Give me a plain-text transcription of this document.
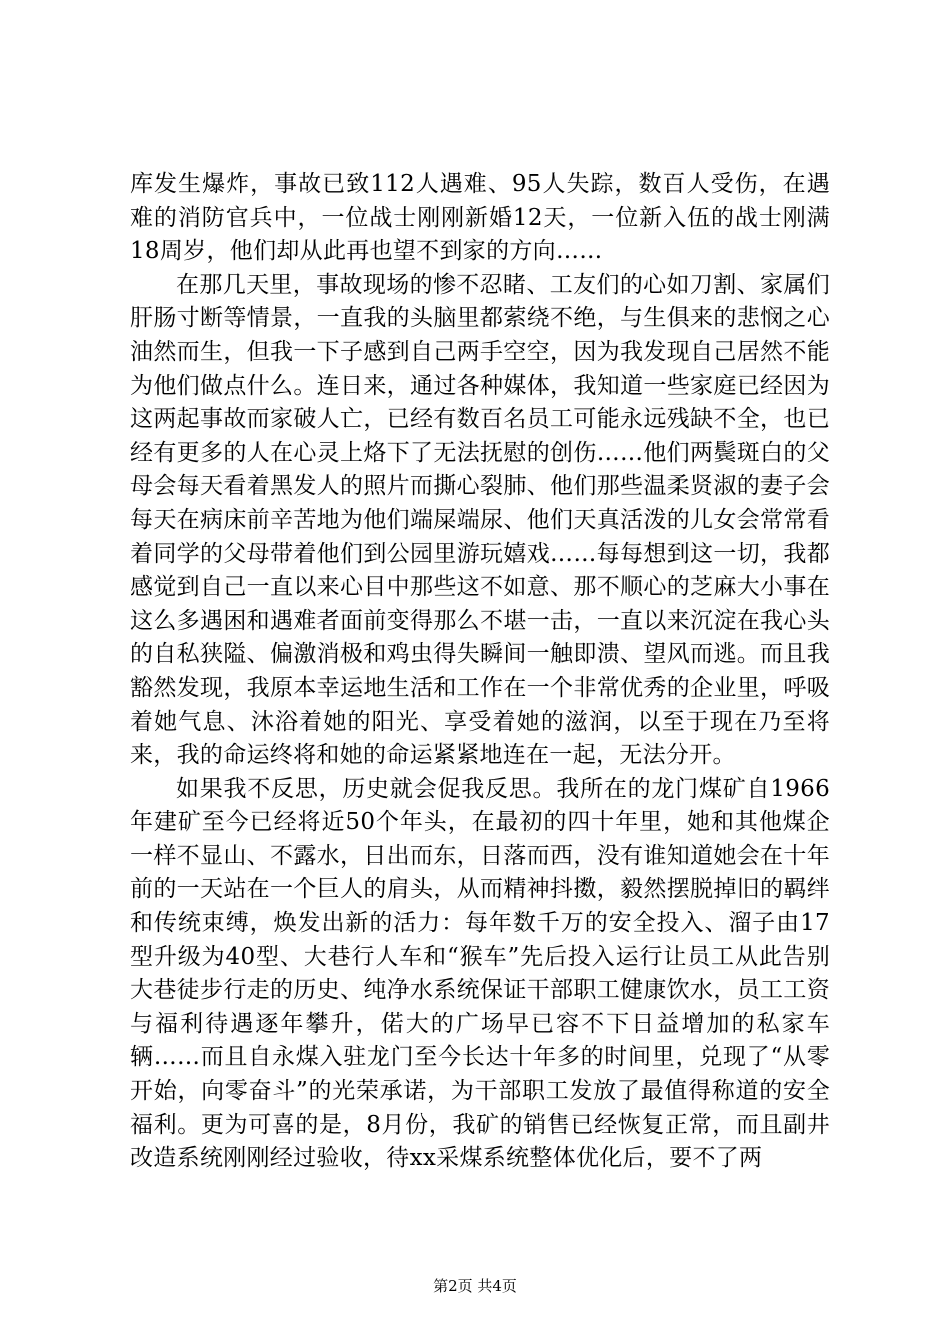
库发生爆炸，事故已致112人遇难、95人失踪，数百人受伤，在遇难的消防官兵中，一位战士刚刚新婚12天，一位新入伍的战士刚满18周岁，他们却从此再也望不到家的方向……

在那几天里，事故现场的惨不忍睹、工友们的心如刀割、家属们肝肠寸断等情景，一直我的头脑里都萦绕不绝，与生俱来的悲悯之心油然而生，但我一下子感到自己两手空空，因为我发现自己居然不能为他们做点什么。连日来，通过各种媒体，我知道一些家庭已经因为这两起事故而家破人亡，已经有数百名员工可能永远残缺不全，也已经有更多的人在心灵上烙下了无法抚慰的创伤……他们两鬓斑白的父母会每天看着黑发人的照片而撕心裂肺、他们那些温柔贤淑的妻子会每天在病床前辛苦地为他们端屎端尿、他们天真活泼的儿女会常常看着同学的父母带着他们到公园里游玩嬉戏……每每想到这一切，我都感觉到自己一直以来心目中那些这不如意、那不顺心的芝麻大小事在这么多遇困和遇难者面前变得那么不堪一击，一直以来沉淀在我心头的自私狭隘、偏激消极和鸡虫得失瞬间一触即溃、望风而逃。而且我豁然发现，我原本幸运地生活和工作在一个非常优秀的企业里，呼吸着她气息、沐浴着她的阳光、享受着她的滋润，以至于现在乃至将来，我的命运终将和她的命运紧紧地连在一起，无法分开。

如果我不反思，历史就会促我反思。我所在的龙门煤矿自1966年建矿至今已经将近50个年头，在最初的四十年里，她和其他煤企一样不显山、不露水，日出而东，日落而西，没有谁知道她会在十年前的一天站在一个巨人的肩头，从而精神抖擞，毅然摆脱掉旧的羁绊和传统束缚，焕发出新的活力：每年数千万的安全投入、溜子由17型升级为40型、大巷行人车和“猴车”先后投入运行让员工从此告别大巷徒步行走的历史、纯净水系统保证干部职工健康饮水，员工工资与福利待遇逐年攀升，偌大的广场早已容不下日益增加的私家车辆……而且自永煤入驻龙门至今长达十年多的时间里，兑现了“从零开始，向零奋斗”的光荣承诺，为干部职工发放了最值得称道的安全福利。更为可喜的是，8月份，我矿的销售已经恢复正常，而且副井改造系统刚刚经过验收，待xx采煤系统整体优化后，要不了两

第2页 共4页
